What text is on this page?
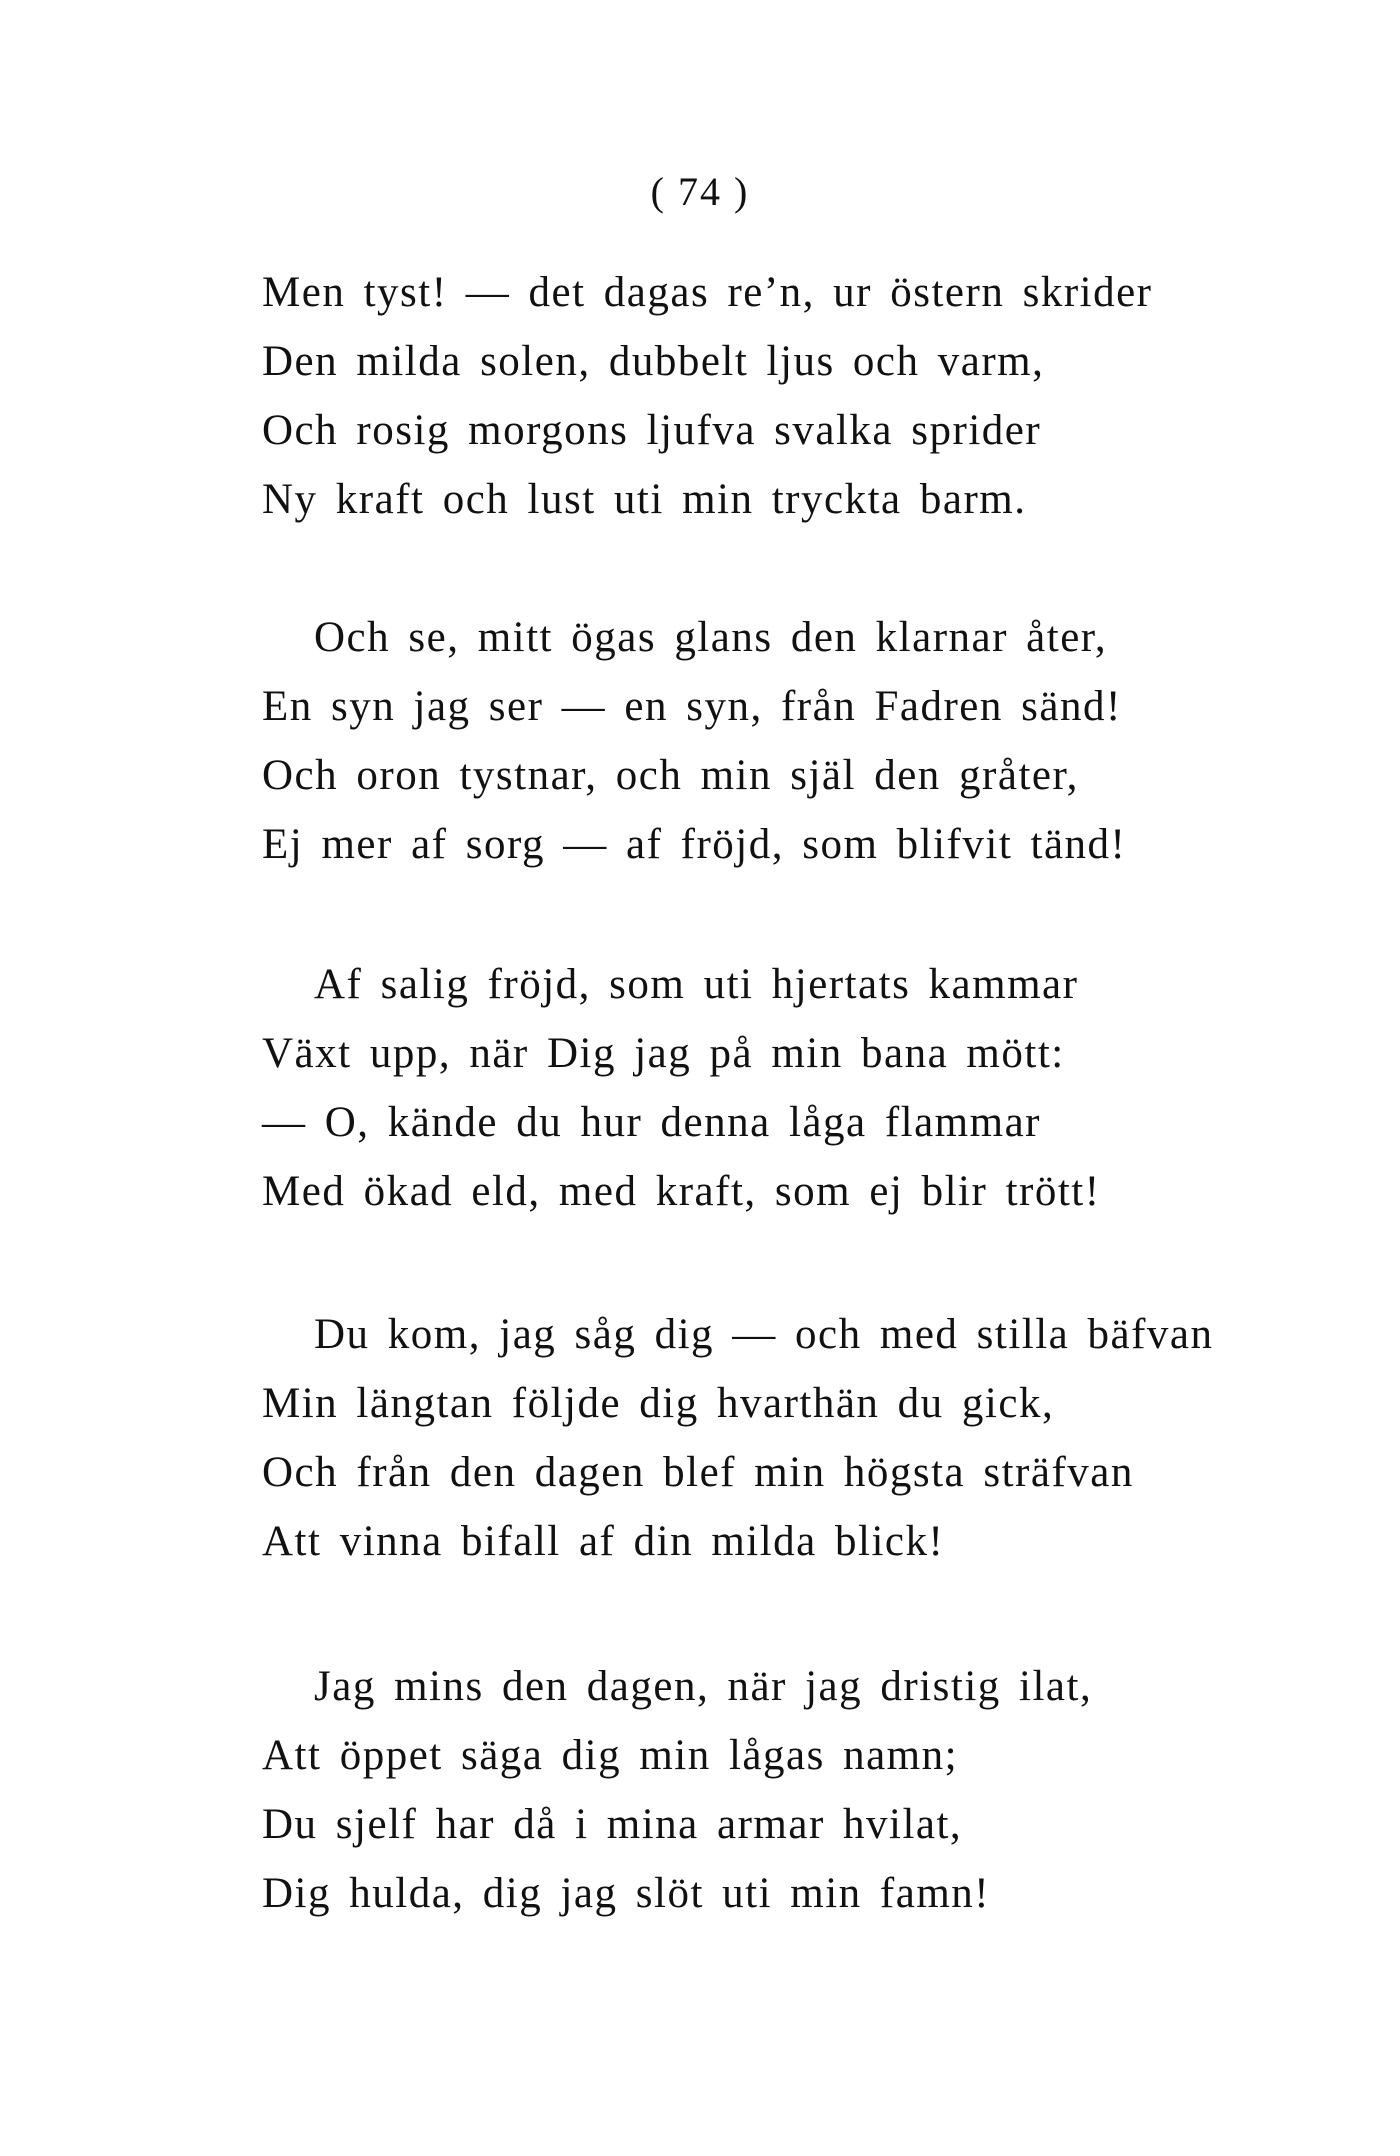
( 74 )
Men tyst! — det dagas re’n, ur östern skrider
Den milda solen, dubbelt ljus och varm,
Och rosig morgons ljufva svalka sprider
Ny kraft och lust uti min tryckta barm.
Och se, mitt ögas glans den klarnar åter,
En syn jag ser — en syn, från Fadren sänd!
Och oron tystnar, och min själ den gråter,
Ej mer af sorg — af fröjd, som blifvit tänd!
Af salig fröjd, som uti hjertats kammar
Växt upp, när Dig jag på min bana mött:
— O, kände du hur denna låga flammar
Med ökad eld, med kraft, som ej blir trött!
Du kom, jag såg dig — och med stilla bäfvan
Min längtan följde dig hvarthän du gick,
Och från den dagen blef min högsta sträfvan
Att vinna bifall af din milda blick!
Jag mins den dagen, när jag dristig ilat,
Att öppet säga dig min lågas namn;
Du sjelf har då i mina armar hvilat,
Dig hulda, dig jag slöt uti min famn!
